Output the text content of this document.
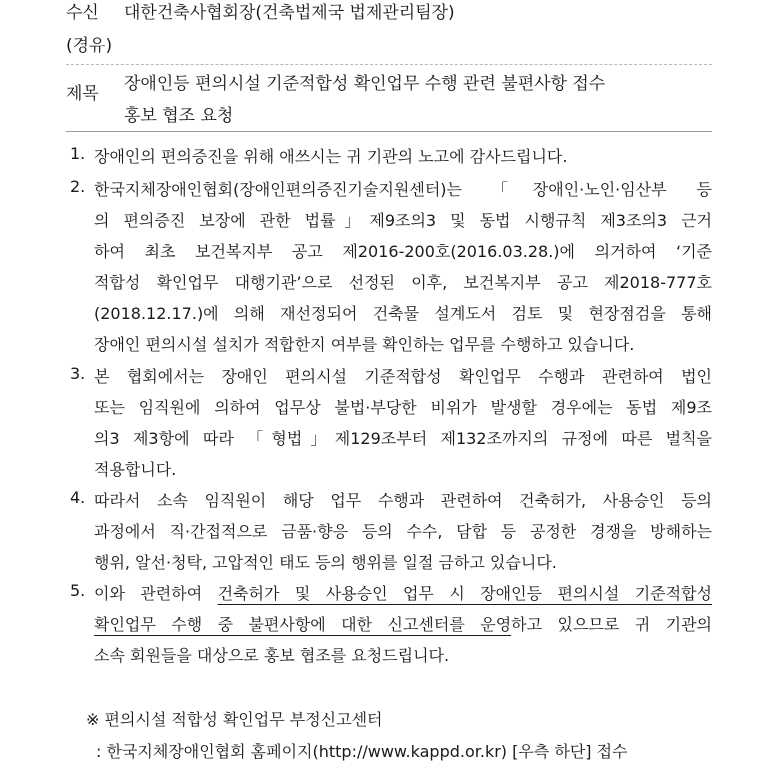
수신 대한건축사협회장(건축법제국 법제관리팀장)
(경유)
제목 장애인등 편의시설 기준적합성 확인업무 수행 관련 불편사항 접수
홍보 협조 요청
1. 장애인의 편의증진을 위해 애쓰시는 귀 기관의 노고에 감사드립니다.
2. 한국지체장애인협회(장애인편의증진기술지원센터)는 「장애인·노인·임산부 등
의 편의증진 보장에 관한 법률」제9조의3 및 동법 시행규칙 제3조의3 근거
하여 최초 보건복지부 공고 제2016-200호(2016.03.28.)에 의거하여 ‘기준
적합성 확인업무 대행기관’으로 선정된 이후, 보건복지부 공고 제2018-777호
(2018.12.17.)에 의해 재선정되어 건축물 설계도서 검토 및 현장점검을 통해
장애인 편의시설 설치가 적합한지 여부를 확인하는 업무를 수행하고 있습니다.
3. 본 협회에서는 장애인 편의시설 기준적합성 확인업무 수행과 관련하여 법인
또는 임직원에 의하여 업무상 불법·부당한 비위가 발생할 경우에는 동법 제9조
의3 제3항에 따라 「형법」제129조부터 제132조까지의 규정에 따른 벌칙을
적용합니다.
4. 따라서 소속 임직원이 해당 업무 수행과 관련하여 건축허가, 사용승인 등의
과정에서 직·간접적으로 금품·향응 등의 수수, 담합 등 공정한 경쟁을 방해하는
행위, 알선·청탁, 고압적인 태도 등의 행위를 일절 금하고 있습니다.
5. 이와 관련하여 건축허가 및 사용승인 업무 시 장애인등 편의시설 기준적합성
확인업무 수행 중 불편사항에 대한 신고센터를 운영하고 있으므로 귀 기관의
소속 회원들을 대상으로 홍보 협조를 요청드립니다.
※ 편의시설 적합성 확인업무 부정신고센터
: 한국지체장애인협회 홈페이지(http://www.kappd.or.kr) [우측 하단] 접수
